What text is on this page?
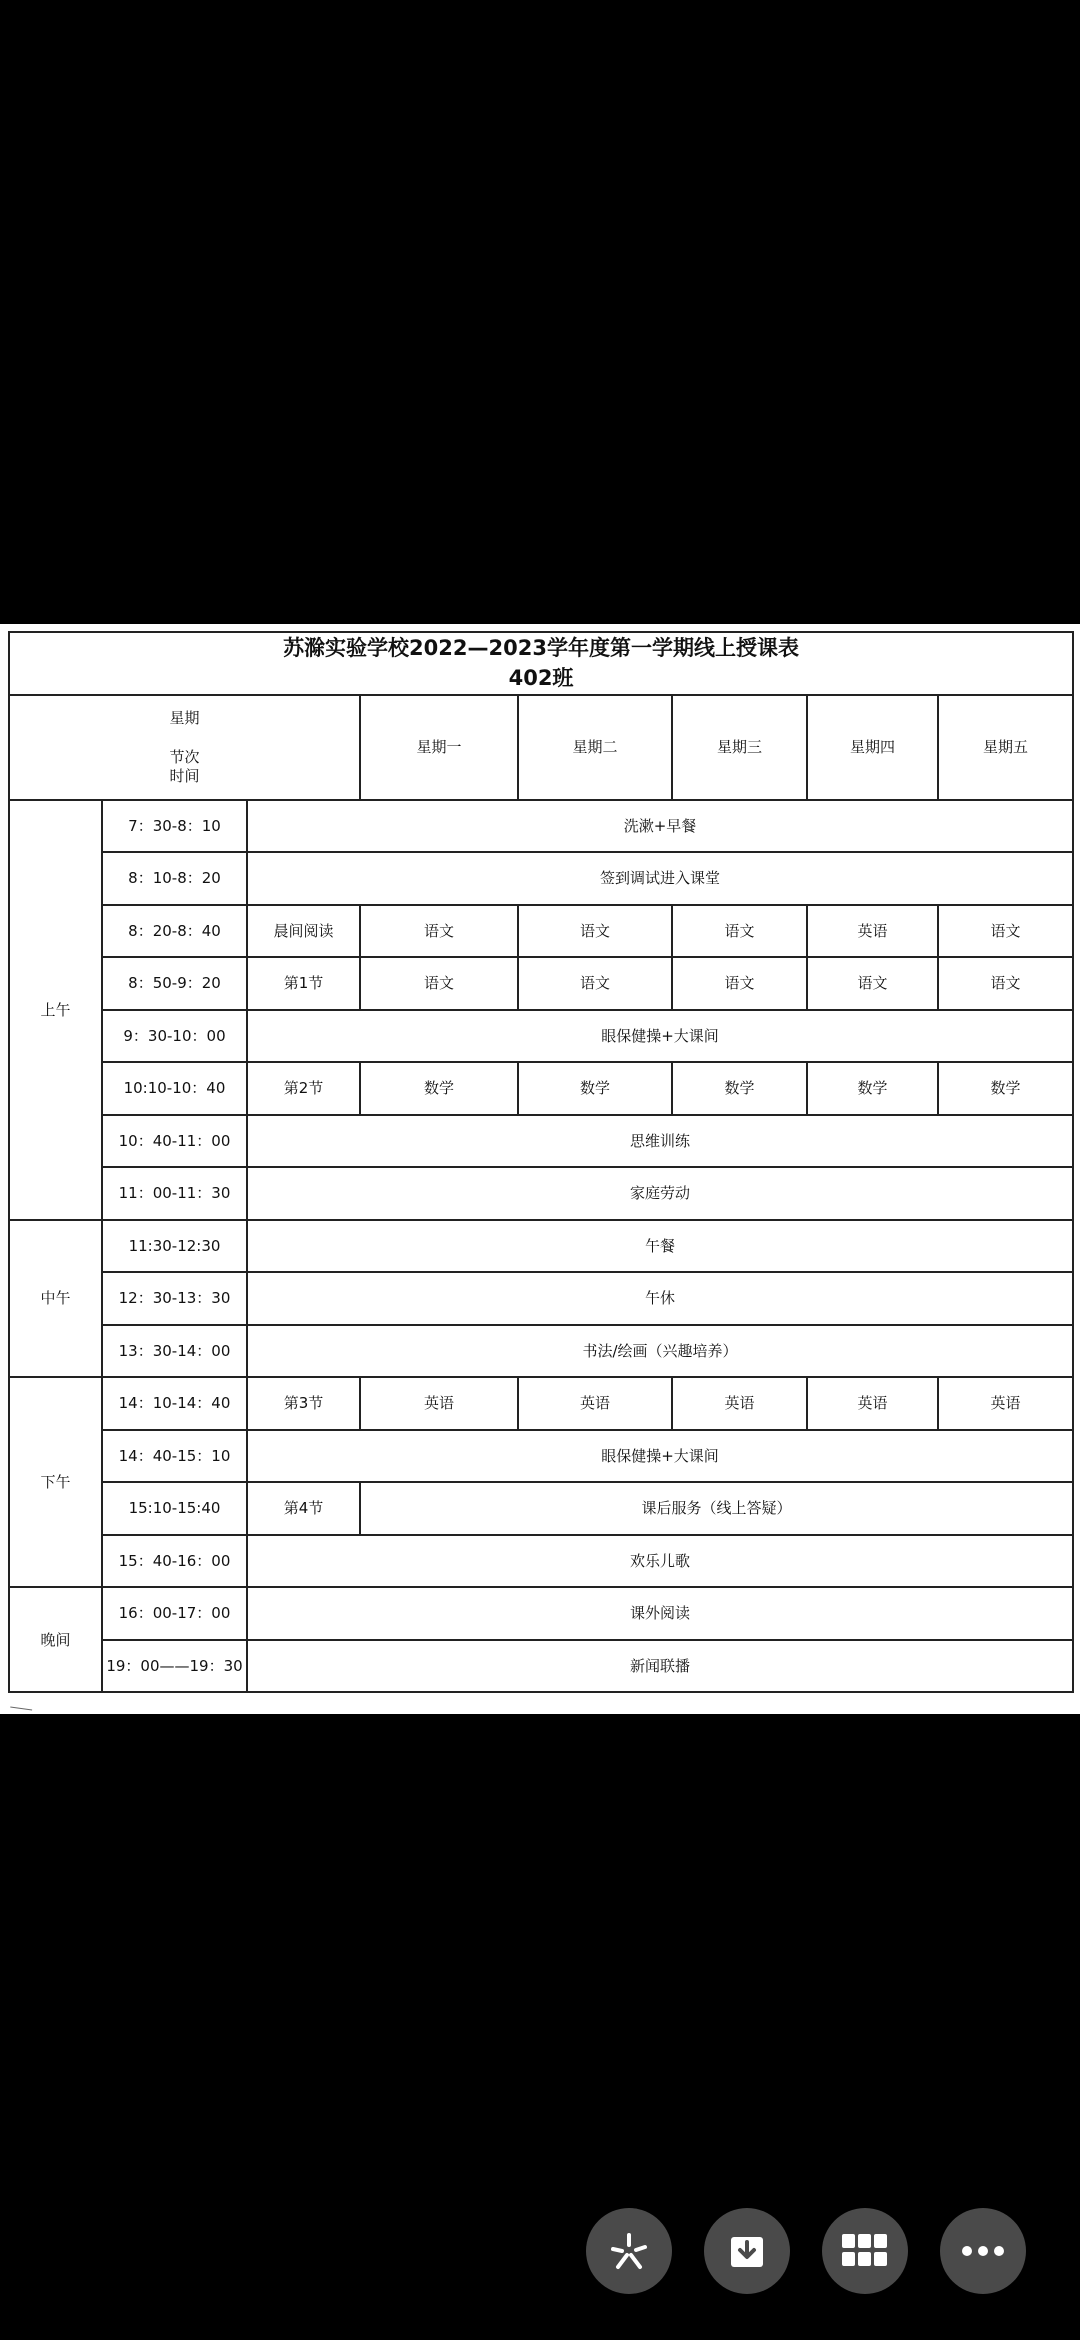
苏滁实验学校2022—2023学年度第一学期线上授课表
402班							

星期
节次
时间			星期一	星期二	星期三	星期四	星期五
上午	7：30-8：10	洗漱+早餐					
	8：10-8：20	签到调试进入课堂					
	8：20-8：40	晨间阅读	语文	语文	语文	英语	语文
	8：50-9：20	第1节	语文	语文	语文	语文	语文
	9：30-10：00	眼保健操+大课间					
	10:10-10：40	第2节	数学	数学	数学	数学	数学
	10：40-11：00	思维训练					
	11：00-11：30	家庭劳动					
中午	11:30-12:30	午餐					
	12：30-13：30	午休					
	13：30-14：00	书法/绘画（兴趣培养）					
下午	14：10-14：40	第3节	英语	英语	英语	英语	英语
	14：40-15：10	眼保健操+大课间					
	15:10-15:40	第4节	课后服务（线上答疑）				
	15：40-16：00	欢乐儿歌					
晚间	16：00-17：00	课外阅读					
	19：00——19：30	新闻联播					
